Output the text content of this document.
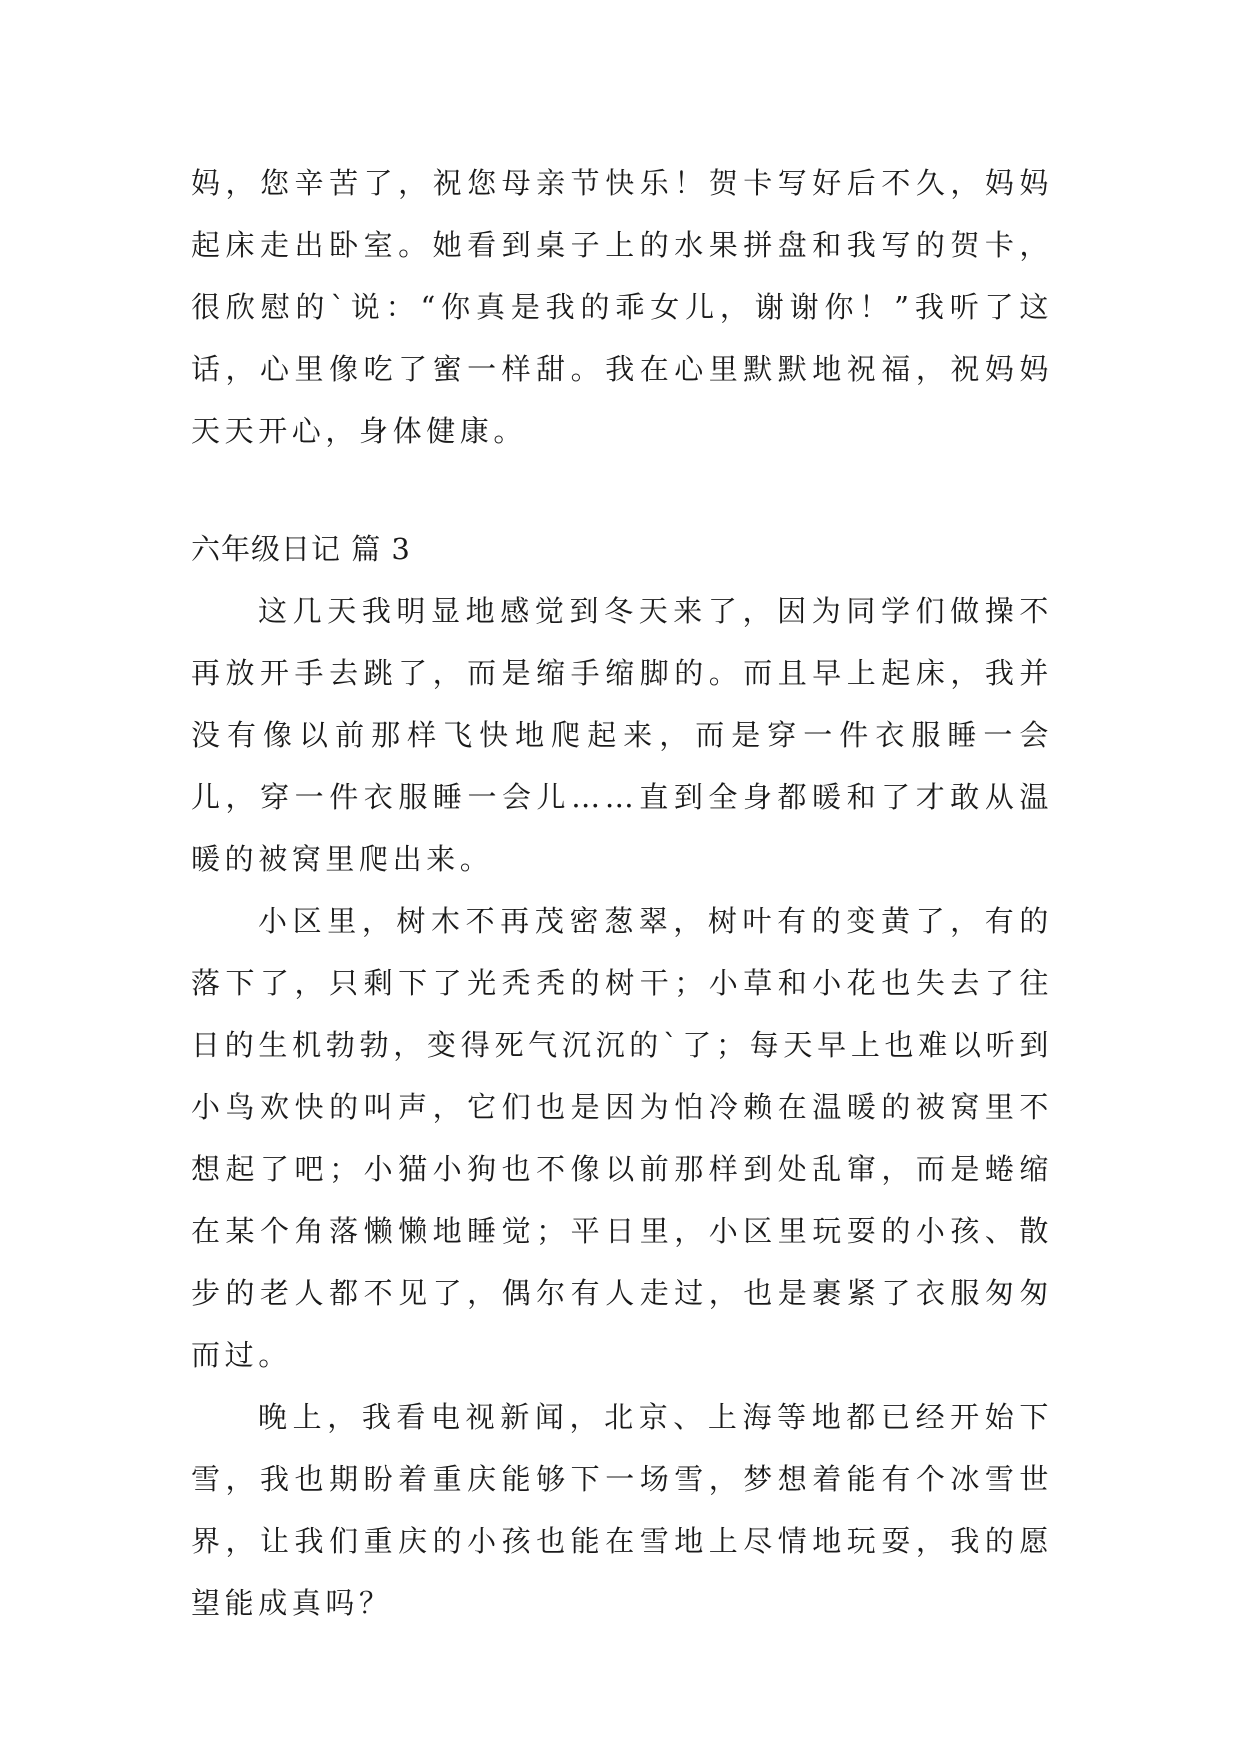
妈，您辛苦了，祝您母亲节快乐！贺卡写好后不久，妈妈起床走出卧室。她看到桌子上的水果拼盘和我写的贺卡，很欣慰的`说：“你真是我的乖女儿，谢谢你！”我听了这话，心里像吃了蜜一样甜。我在心里默默地祝福，祝妈妈天天开心，身体健康。

六年级日记 篇 3

这几天我明显地感觉到冬天来了，因为同学们做操不再放开手去跳了，而是缩手缩脚的。而且早上起床，我并没有像以前那样飞快地爬起来，而是穿一件衣服睡一会儿，穿一件衣服睡一会儿……直到全身都暖和了才敢从温暖的被窝里爬出来。

小区里，树木不再茂密葱翠，树叶有的变黄了，有的落下了，只剩下了光秃秃的树干；小草和小花也失去了往日的生机勃勃，变得死气沉沉的`了；每天早上也难以听到小鸟欢快的叫声，它们也是因为怕冷赖在温暖的被窝里不想起了吧；小猫小狗也不像以前那样到处乱窜，而是蜷缩在某个角落懒懒地睡觉；平日里，小区里玩耍的小孩、散步的老人都不见了，偶尔有人走过，也是裹紧了衣服匆匆而过。

晚上，我看电视新闻，北京、上海等地都已经开始下雪，我也期盼着重庆能够下一场雪，梦想着能有个冰雪世界，让我们重庆的小孩也能在雪地上尽情地玩耍，我的愿望能成真吗？
